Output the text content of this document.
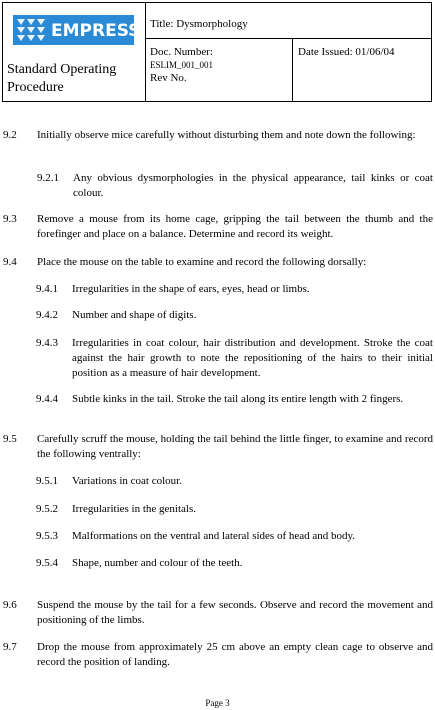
EMPRESS
Standard Operating Procedure
Title: Dysmorphology
Doc. Number:
ESLIM_001_001
Rev No.
Date Issued: 01/06/04
9.2 Initially observe mice carefully without disturbing them and note down the following:
9.2.1 Any obvious dysmorphologies in the physical appearance, tail kinks or coat colour.
9.3 Remove a mouse from its home cage, gripping the tail between the thumb and the forefinger and place on a balance. Determine and record its weight.
9.4 Place the mouse on the table to examine and record the following dorsally:
9.4.1 Irregularities in the shape of ears, eyes, head or limbs.
9.4.2 Number and shape of digits.
9.4.3 Irregularities in coat colour, hair distribution and development. Stroke the coat against the hair growth to note the repositioning of the hairs to their initial position as a measure of hair development.
9.4.4 Subtle kinks in the tail. Stroke the tail along its entire length with 2 fingers.
9.5 Carefully scruff the mouse, holding the tail behind the little finger, to examine and record the following ventrally:
9.5.1 Variations in coat colour.
9.5.2 Irregularities in the genitals.
9.5.3 Malformations on the ventral and lateral sides of head and body.
9.5.4 Shape, number and colour of the teeth.
9.6 Suspend the mouse by the tail for a few seconds. Observe and record the movement and positioning of the limbs.
9.7 Drop the mouse from approximately 25 cm above an empty clean cage to observe and record the position of landing.
Page 3
